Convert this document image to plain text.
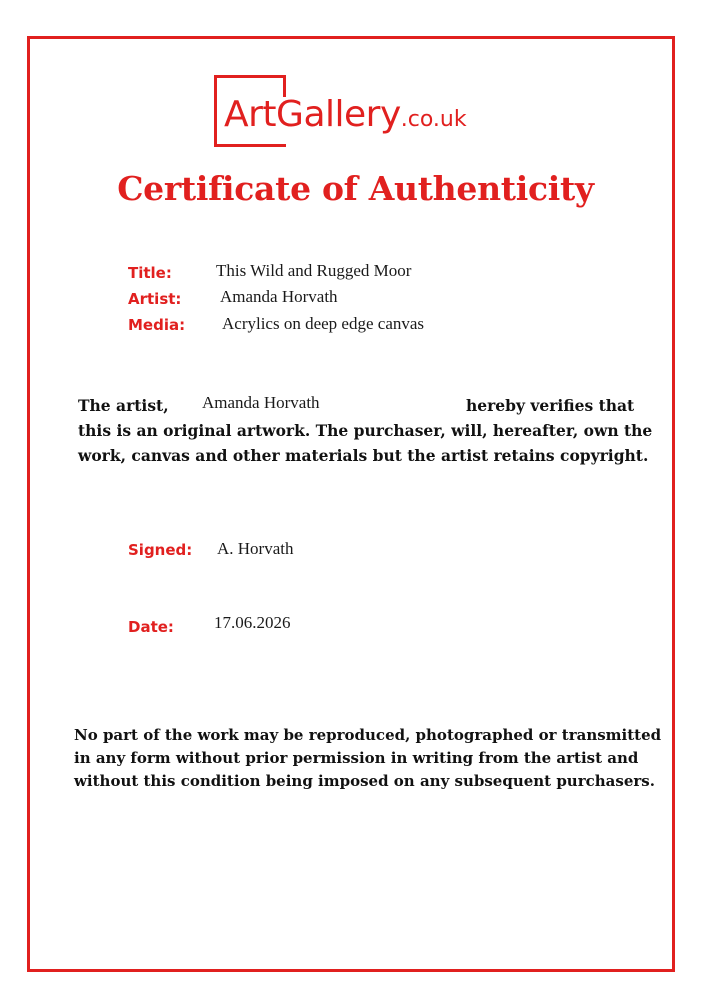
ArtGallery.co.uk
Certificate of Authenticity
Title:	This Wild and Rugged Moor
Artist: Amanda Horvath
Media: Acrylics on deep edge canvas
The artist,	Amanda Horvath	hereby verifies that
this is an original artwork. The purchaser, will, hereafter, own the
work, canvas and other materials but the artist retains copyright.
Signed: A. Horvath
Date: 17.06.2026
No part of the work may be reproduced, photographed or transmitted
in any form without prior permission in writing from the artist and
without this condition being imposed on any subsequent purchasers.
